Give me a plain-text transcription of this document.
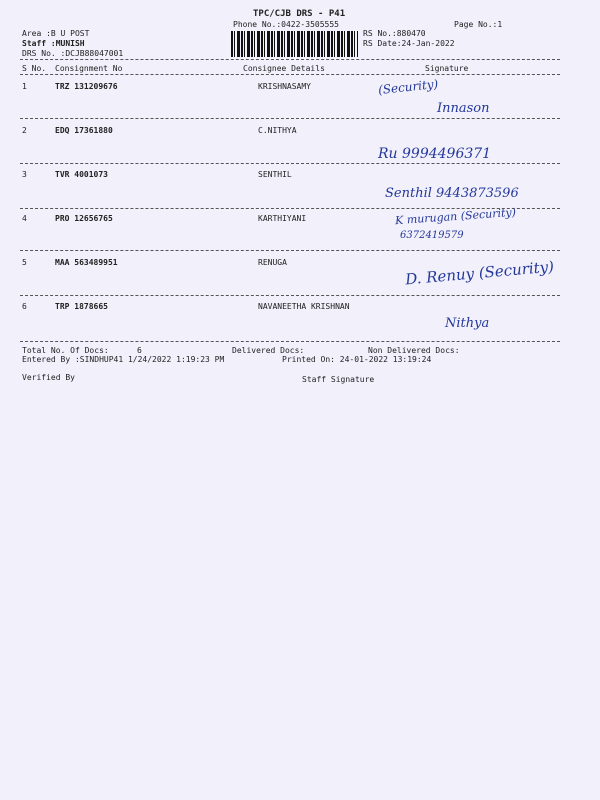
TPC/CJB DRS - P41
Phone No.:0422-3505555	Page No.:1
Area :B U POST
Staff :MUNISH
DRS No. :DCJB88047001
RS No.:880470
RS Date:24-Jan-2022
S No. Consignment No	Consignee Details	Signature
1	TRZ 131209676	KRISHNASAMY	(Security)
Innason
2	EDQ 17361880	C.NITHYA
Ru 9994496371
3	TVR 4001073	SENTHIL
Senthil 9443873596
4	PRO 12656765	KARTHIYANI	K murugan (Security)
6372419579
5	MAA 563489951	RENUGA	D. Renuy (Security)
6	TRP 1878665	NAVANEETHA KRISHNAN
Nithya
Total No. Of Docs:	6	Delivered Docs:	Non Delivered Docs:
Entered By :SINDHUP41 1/24/2022 1:19:23 PM	Printed On: 24-01-2022 13:19:24
Verified By	Staff Signature
